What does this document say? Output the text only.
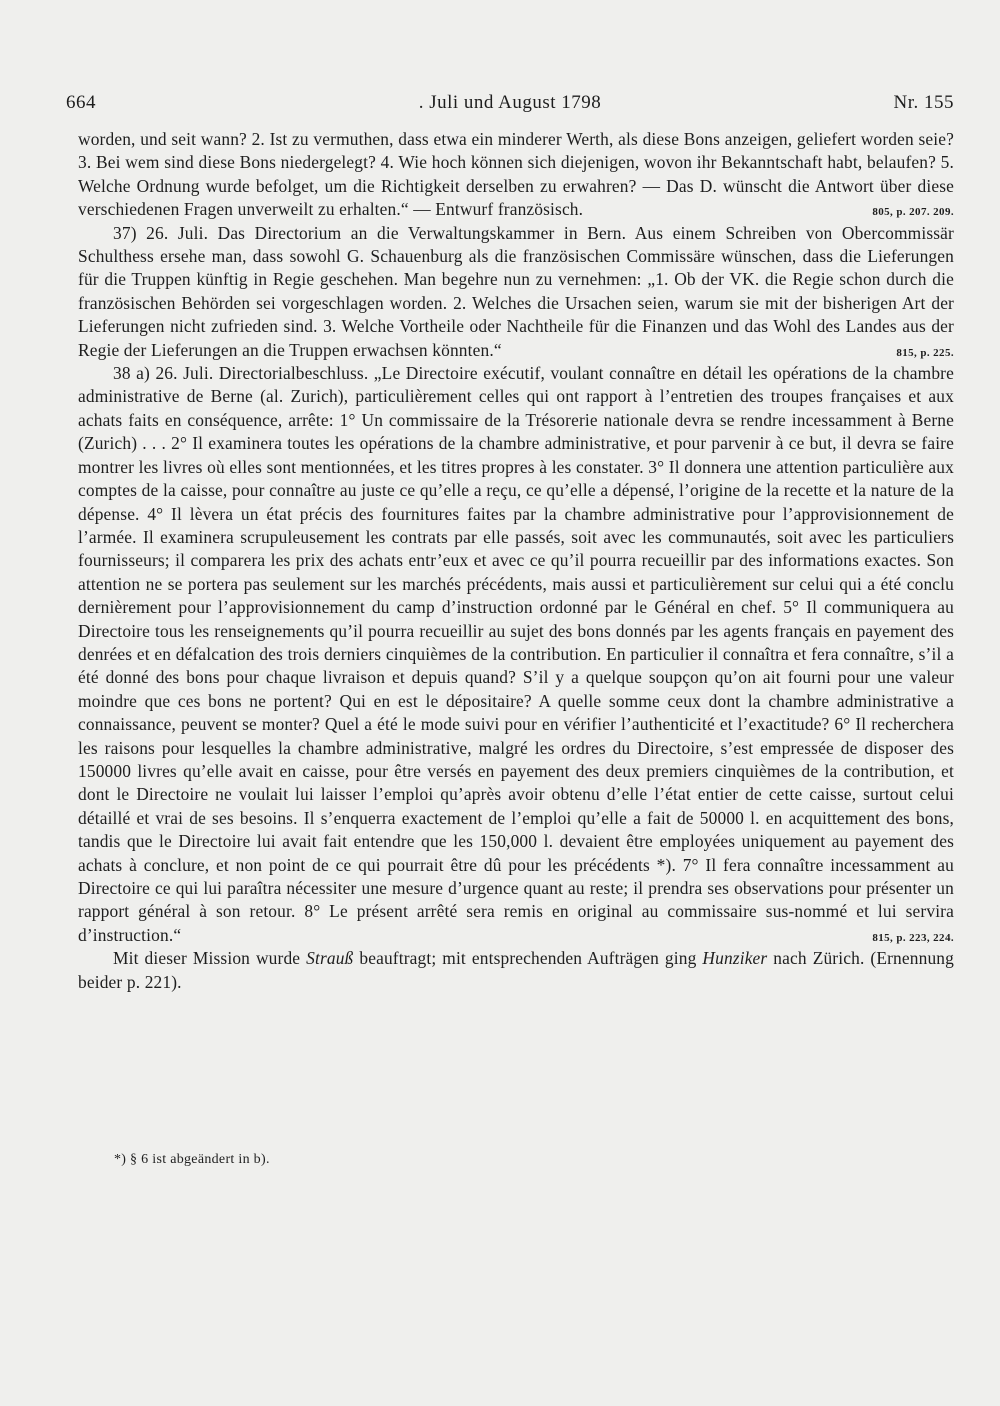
664	. Juli und August 1798	Nr. 155

worden, und seit wann? 2. Ist zu vermuthen, dass etwa ein minderer Werth, als diese Bons anzeigen, geliefert worden seie? 3. Bei wem sind diese Bons niedergelegt? 4. Wie hoch können sich diejenigen, wovon ihr Bekanntschaft habt, belaufen? 5. Welche Ordnung wurde befolget, um die Richtigkeit derselben zu erwahren? — Das D. wünscht die Antwort über diese verschiedenen Fragen unverweilt zu erhalten.“ — Entwurf französisch.	805, p. 207. 209.

37) 26. Juli. Das Directorium an die Verwaltungskammer in Bern. Aus einem Schreiben von Obercommissär Schulthess ersehe man, dass sowohl G. Schauenburg als die französischen Commissäre wünschen, dass die Lieferungen für die Truppen künftig in Regie geschehen. Man begehre nun zu vernehmen: „1. Ob der VK. die Regie schon durch die französischen Behörden sei vorgeschlagen worden. 2. Welches die Ursachen seien, warum sie mit der bisherigen Art der Lieferungen nicht zufrieden sind. 3. Welche Vortheile oder Nachtheile für die Finanzen und das Wohl des Landes aus der Regie der Lieferungen an die Truppen erwachsen könnten.“	815, p. 225.

38 a) 26. Juli. Directorialbeschluss. „Le Directoire exécutif, voulant connaître en détail les opérations de la chambre administrative de Berne (al. Zurich), particulièrement celles qui ont rapport à l’entretien des troupes françaises et aux achats faits en conséquence, arrête: 1° Un commissaire de la Trésorerie nationale devra se rendre incessamment à Berne (Zurich) . . . 2° Il examinera toutes les opérations de la chambre administrative, et pour parvenir à ce but, il devra se faire montrer les livres où elles sont mentionnées, et les titres propres à les constater. 3° Il donnera une attention particulière aux comptes de la caisse, pour connaître au juste ce qu’elle a reçu, ce qu’elle a dépensé, l’origine de la recette et la nature de la dépense. 4° Il lèvera un état précis des fournitures faites par la chambre administrative pour l’approvisionnement de l’armée. Il examinera scrupuleusement les contrats par elle passés, soit avec les communautés, soit avec les particuliers fournisseurs; il comparera les prix des achats entr’eux et avec ce qu’il pourra recueillir par des informations exactes. Son attention ne se portera pas seulement sur les marchés précédents, mais aussi et particulièrement sur celui qui a été conclu dernièrement pour l’approvisionnement du camp d’instruction ordonné par le Général en chef. 5° Il communiquera au Directoire tous les renseignements qu’il pourra recueillir au sujet des bons donnés par les agents français en payement des denrées et en défalcation des trois derniers cinquièmes de la contribution. En particulier il connaîtra et fera connaître, s’il a été donné des bons pour chaque livraison et depuis quand? S’il y a quelque soupçon qu’on ait fourni pour une valeur moindre que ces bons ne portent? Qui en est le dépositaire? A quelle somme ceux dont la chambre administrative a connaissance, peuvent se monter? Quel a été le mode suivi pour en vérifier l’authenticité et l’exactitude? 6° Il recherchera les raisons pour lesquelles la chambre administrative, malgré les ordres du Directoire, s’est empressée de disposer des 150000 livres qu’elle avait en caisse, pour être versés en payement des deux premiers cinquièmes de la contribution, et dont le Directoire ne voulait lui laisser l’emploi qu’après avoir obtenu d’elle l’état entier de cette caisse, surtout celui détaillé et vrai de ses besoins. Il s’enquerra exactement de l’emploi qu’elle a fait de 50000 l. en acquittement des bons, tandis que le Directoire lui avait fait entendre que les 150,000 l. devaient être employées uniquement au payement des achats à conclure, et non point de ce qui pourrait être dû pour les précédents *). 7° Il fera connaître incessamment au Directoire ce qui lui paraîtra nécessiter une mesure d’urgence quant au reste; il prendra ses observations pour présenter un rapport général à son retour. 8° Le présent arrêté sera remis en original au commissaire sus-nommé et lui servira d’instruction.“	815, p. 223, 224.

Mit dieser Mission wurde Strauß beauftragt; mit entsprechenden Aufträgen ging Hunziker nach Zürich. (Ernennung beider p. 221).

*) § 6 ist abgeändert in b).
